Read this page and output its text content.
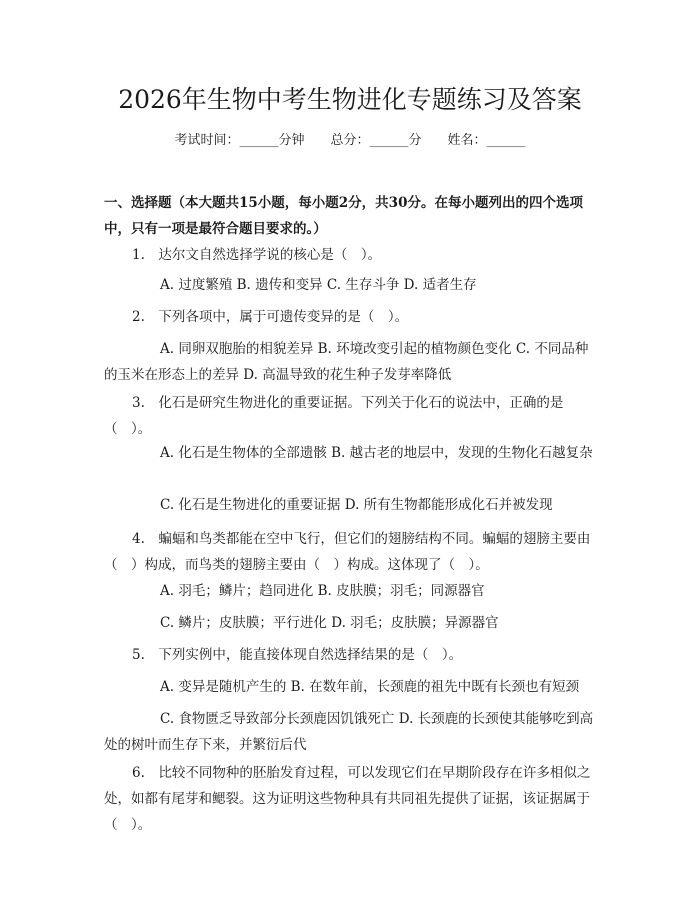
2026年生物中考生物进化专题练习及答案
考试时间：______分钟 总分：______分 姓名：______
一、选择题（本大题共15小题，每小题2分，共30分。在每小题列出的四个选项中，只有一项是最符合题目要求的。）
1.　达尔文自然选择学说的核心是（　）。
A. 过度繁殖 B. 遗传和变异 C. 生存斗争 D. 适者生存
2.　下列各项中，属于可遗传变异的是（　）。
A. 同卵双胞胎的相貌差异 B. 环境改变引起的植物颜色变化 C. 不同品种的玉米在形态上的差异 D. 高温导致的花生种子发芽率降低
3.　化石是研究生物进化的重要证据。下列关于化石的说法中，正确的是（　）。
A. 化石是生物体的全部遗骸 B. 越古老的地层中，发现的生物化石越复杂
C. 化石是生物进化的重要证据 D. 所有生物都能形成化石并被发现
4.　蝙蝠和鸟类都能在空中飞行，但它们的翅膀结构不同。蝙蝠的翅膀主要由（　）构成，而鸟类的翅膀主要由（　）构成。这体现了（　）。
A. 羽毛；鳞片；趋同进化 B. 皮肤膜；羽毛；同源器官
C. 鳞片；皮肤膜；平行进化 D. 羽毛；皮肤膜；异源器官
5.　下列实例中，能直接体现自然选择结果的是（　）。
A. 变异是随机产生的 B. 在数年前，长颈鹿的祖先中既有长颈也有短颈
C. 食物匮乏导致部分长颈鹿因饥饿死亡 D. 长颈鹿的长颈使其能够吃到高处的树叶而生存下来，并繁衍后代
6.　比较不同物种的胚胎发育过程，可以发现它们在早期阶段存在许多相似之处，如都有尾芽和鳃裂。这为证明这些物种具有共同祖先提供了证据，该证据属于（　）。
